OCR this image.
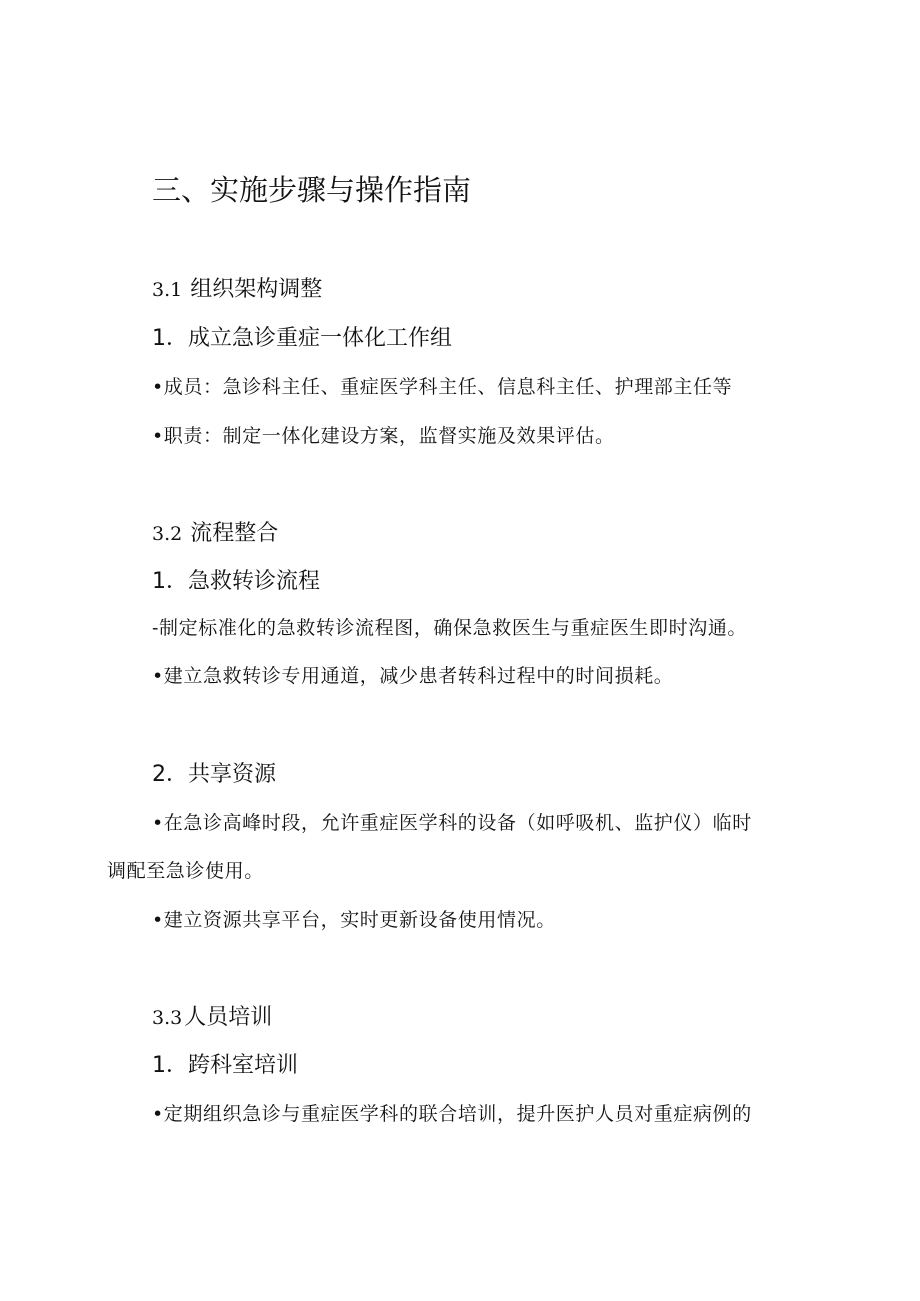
三、实施步骤与操作指南
3.1 组织架构调整
1．成立急诊重症一体化工作组
•成员：急诊科主任、重症医学科主任、信息科主任、护理部主任等
•职责：制定一体化建设方案，监督实施及效果评估。
3.2 流程整合
1．急救转诊流程
-制定标准化的急救转诊流程图，确保急救医生与重症医生即时沟通。
•建立急救转诊专用通道，减少患者转科过程中的时间损耗。
2．共享资源
•在急诊高峰时段，允许重症医学科的设备（如呼吸机、监护仪）临时
调配至急诊使用。
•建立资源共享平台，实时更新设备使用情况。
3.3人员培训
1．跨科室培训
•定期组织急诊与重症医学科的联合培训，提升医护人员对重症病例的
